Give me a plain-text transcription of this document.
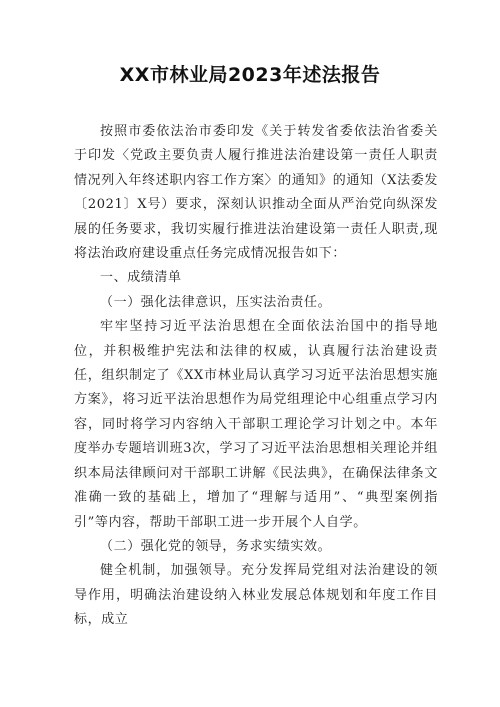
XX市林业局2023年述法报告

按照市委依法治市委印发《关于转发省委依法治省委关于印发〈党政主要负责人履行推进法治建设第一责任人职责情况列入年终述职内容工作方案〉的通知》的通知（X法委发〔2021〕X号）要求，深刻认识推动全面从严治党向纵深发展的任务要求，我切实履行推进法治建设第一责任人职责,现将法治政府建设重点任务完成情况报告如下：

一、成绩清单

（一）强化法律意识，压实法治责任。

牢牢坚持习近平法治思想在全面依法治国中的指导地位，并积极维护宪法和法律的权威，认真履行法治建设责任，组织制定了《XX市林业局认真学习习近平法治思想实施方案》，将习近平法治思想作为局党组理论中心组重点学习内容，同时将学习内容纳入干部职工理论学习计划之中。本年度举办专题培训班3次，学习了习近平法治思想相关理论并组织本局法律顾问对干部职工讲解《民法典》，在确保法律条文准确一致的基础上，增加了“理解与适用”、“典型案例指引”等内容，帮助干部职工进一步开展个人自学。

（二）强化党的领导，务求实绩实效。

健全机制，加强领导。充分发挥局党组对法治建设的领导作用，明确法治建设纳入林业发展总体规划和年度工作目标，成立
